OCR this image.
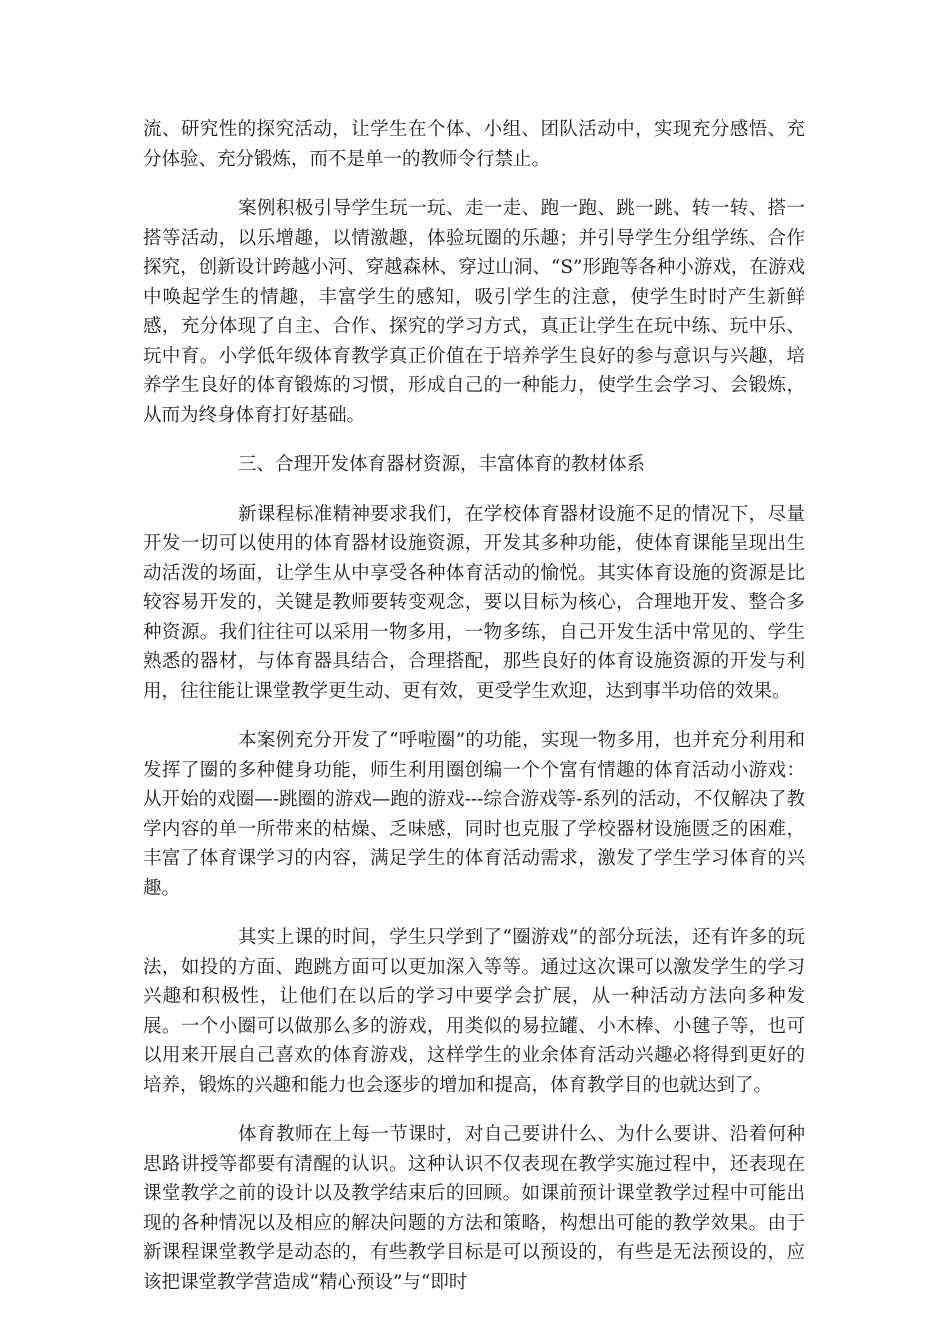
流、研究性的探究活动，让学生在个体、小组、团队活动中，实现充分感悟、充分体验、充分锻炼，而不是单一的教师令行禁止。

案例积极引导学生玩一玩、走一走、跑一跑、跳一跳、转一转、搭一搭等活动，以乐增趣，以情激趣，体验玩圈的乐趣；并引导学生分组学练、合作探究，创新设计跨越小河、穿越森林、穿过山洞、“S”形跑等各种小游戏，在游戏中唤起学生的情趣，丰富学生的感知，吸引学生的注意，使学生时时产生新鲜感，充分体现了自主、合作、探究的学习方式，真正让学生在玩中练、玩中乐、玩中育。小学低年级体育教学真正价值在于培养学生良好的参与意识与兴趣，培养学生良好的体育锻炼的习惯，形成自己的一种能力，使学生会学习、会锻炼，从而为终身体育打好基础。

三、合理开发体育器材资源，丰富体育的教材体系

新课程标准精神要求我们，在学校体育器材设施不足的情况下，尽量开发一切可以使用的体育器材设施资源，开发其多种功能，使体育课能呈现出生动活泼的场面，让学生从中享受各种体育活动的愉悦。其实体育设施的资源是比较容易开发的，关键是教师要转变观念，要以目标为核心，合理地开发、整合多种资源。我们往往可以采用一物多用，一物多练，自己开发生活中常见的、学生熟悉的器材，与体育器具结合，合理搭配，那些良好的体育设施资源的开发与利用，往往能让课堂教学更生动、更有效，更受学生欢迎，达到事半功倍的效果。

本案例充分开发了“呼啦圈”的功能，实现一物多用，也并充分利用和发挥了圈的多种健身功能，师生利用圈创编一个个富有情趣的体育活动小游戏：从开始的戏圈—-跳圈的游戏—跑的游戏---综合游戏等-系列的活动，不仅解决了教学内容的单一所带来的枯燥、乏味感，同时也克服了学校器材设施匮乏的困难，丰富了体育课学习的内容，满足学生的体育活动需求，激发了学生学习体育的兴趣。

其实上课的时间，学生只学到了“圈游戏”的部分玩法，还有许多的玩法，如投的方面、跑跳方面可以更加深入等等。通过这次课可以激发学生的学习兴趣和积极性，让他们在以后的学习中要学会扩展，从一种活动方法向多种发展。一个小圈可以做那么多的游戏，用类似的易拉罐、小木棒、小毽子等，也可以用来开展自己喜欢的体育游戏，这样学生的业余体育活动兴趣必将得到更好的培养，锻炼的兴趣和能力也会逐步的增加和提高，体育教学目的也就达到了。

体育教师在上每一节课时，对自己要讲什么、为什么要讲、沿着何种思路讲授等都要有清醒的认识。这种认识不仅表现在教学实施过程中，还表现在课堂教学之前的设计以及教学结束后的回顾。如课前预计课堂教学过程中可能出现的各种情况以及相应的解决问题的方法和策略，构想出可能的教学效果。由于新课程课堂教学是动态的，有些教学目标是可以预设的，有些是无法预设的，应该把课堂教学营造成“精心预设”与“即时
